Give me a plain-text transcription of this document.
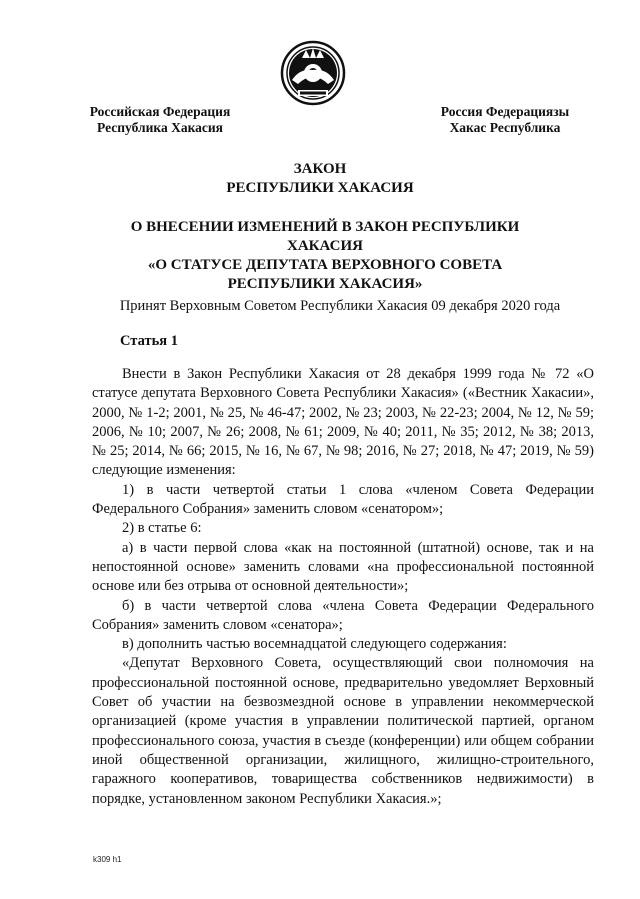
Российская Федерация
Республика Хакасия
Россия Федерациязы
Хакас Республика
ЗАКОН
РЕСПУБЛИКИ ХАКАСИЯ
О ВНЕСЕНИИ ИЗМЕНЕНИЙ В ЗАКОН РЕСПУБЛИКИ ХАКАСИЯ
«О СТАТУСЕ ДЕПУТАТА ВЕРХОВНОГО СОВЕТА
РЕСПУБЛИКИ ХАКАСИЯ»
Принят Верховным Советом Республики Хакасия 09 декабря 2020 года
Статья 1

Внести в Закон Республики Хакасия от 28 декабря 1999 года № 72 «О статусе депутата Верховного Совета Республики Хакасия» («Вестник Хакасии», 2000, № 1-2; 2001, № 25, № 46-47; 2002, № 23; 2003, № 22-23; 2004, № 12, № 59; 2006, № 10; 2007, № 26; 2008, № 61; 2009, № 40; 2011, № 35; 2012, № 38; 2013, № 25; 2014, № 66; 2015, № 16, № 67, № 98; 2016, № 27; 2018, № 47; 2019, № 59) следующие изменения:

1) в части четвертой статьи 1 слова «членом Совета Федерации Федерального Собрания» заменить словом «сенатором»;

2) в статье 6:

а) в части первой слова «как на постоянной (штатной) основе, так и на непостоянной основе» заменить словами «на профессиональной постоянной основе или без отрыва от основной деятельности»;

б) в части четвертой слова «члена Совета Федерации Федерального Собрания» заменить словом «сенатора»;

в) дополнить частью восемнадцатой следующего содержания:

«Депутат Верховного Совета, осуществляющий свои полномочия на профессиональной постоянной основе, предварительно уведомляет Верховный Совет об участии на безвозмездной основе в управлении некоммерческой организацией (кроме участия в управлении политической партией, органом профессионального союза, участия в съезде (конференции) или общем собрании иной общественной организации, жилищного, жилищно-строительного, гаражного кооперативов, товарищества собственников недвижимости) в порядке, установленном законом Республики Хакасия.»;

k309 h1
